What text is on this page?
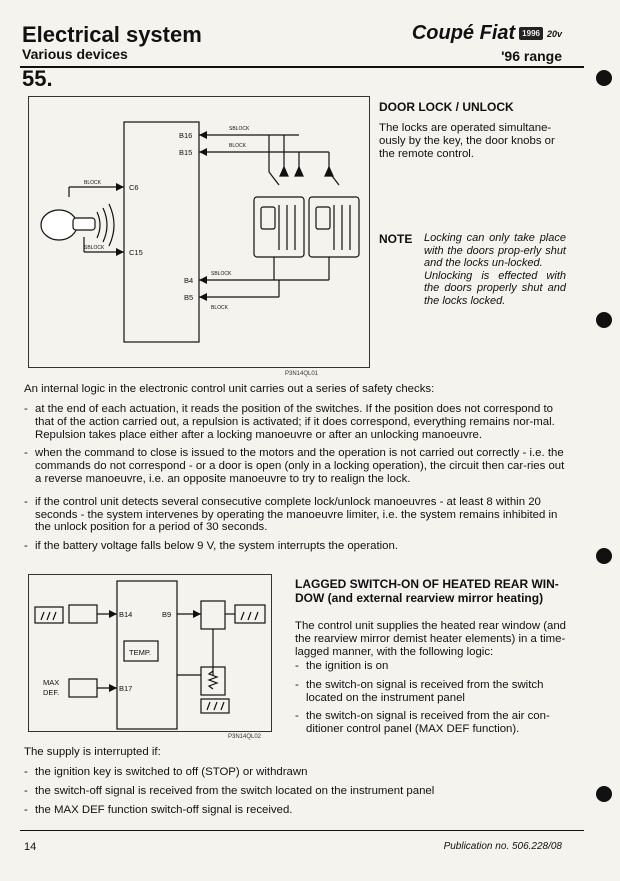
Electrical system
Various devices
Coupé Fiat 1996 20v
'96 range
55.
B16
B15
C6
C15
B4
B5
SBLOCK
BLOCK
BLOCK
SBLOCK
SBLOCK
BLOCK
P3N14QL01
DOOR LOCK / UNLOCK

The locks are operated simultane-ously by the key, the door knobs or the remote control.

NOTE Locking can only take place with the doors prop-erly shut and the locks un-locked.
Unlocking is effected with the doors properly shut and the locks locked.

An internal logic in the electronic control unit carries out a series of safety checks:

- at the end of each actuation, it reads the position of the switches. If the position does not correspond to that of the action carried out, a repulsion is activated; if it does correspond, everything remains nor-mal. Repulsion takes place either after a locking manoeuvre or after an unlocking manoeuvre.
- when the command to close is issued to the motors and the operation is not carried out correctly - i.e. the commands do not correspond - or a door is open (only in a locking operation), the circuit then car-ries out a reverse manoeuvre, i.e. an opposite manoeuvre to try to realign the lock.
- if the control unit detects several consecutive complete lock/unlock manoeuvres - at least 8 within 20 seconds - the system intervenes by operating the manoeuvre limiter, i.e. the system remains inhibited in the unlock position for a period of 30 seconds.
- if the battery voltage falls below 9 V, the system interrupts the operation.
B14	B9
B17
TEMP.
MAX
DEF.
P3N14QL02
LAGGED SWITCH-ON OF HEATED REAR WIN-
DOW (and external rearview mirror heating)

The control unit supplies the heated rear window (and the rearview mirror demist heater elements) in a time-lagged manner, with the following logic:

- the ignition is on
- the switch-on signal is received from the switch located on the instrument panel
- the switch-on signal is received from the air con-ditioner control panel (MAX DEF function).

The supply is interrupted if:

- the ignition key is switched to off (STOP) or withdrawn
- the switch-off signal is received from the switch located on the instrument panel
- the MAX DEF function switch-off signal is received.
14	Publication no. 506.228/08
